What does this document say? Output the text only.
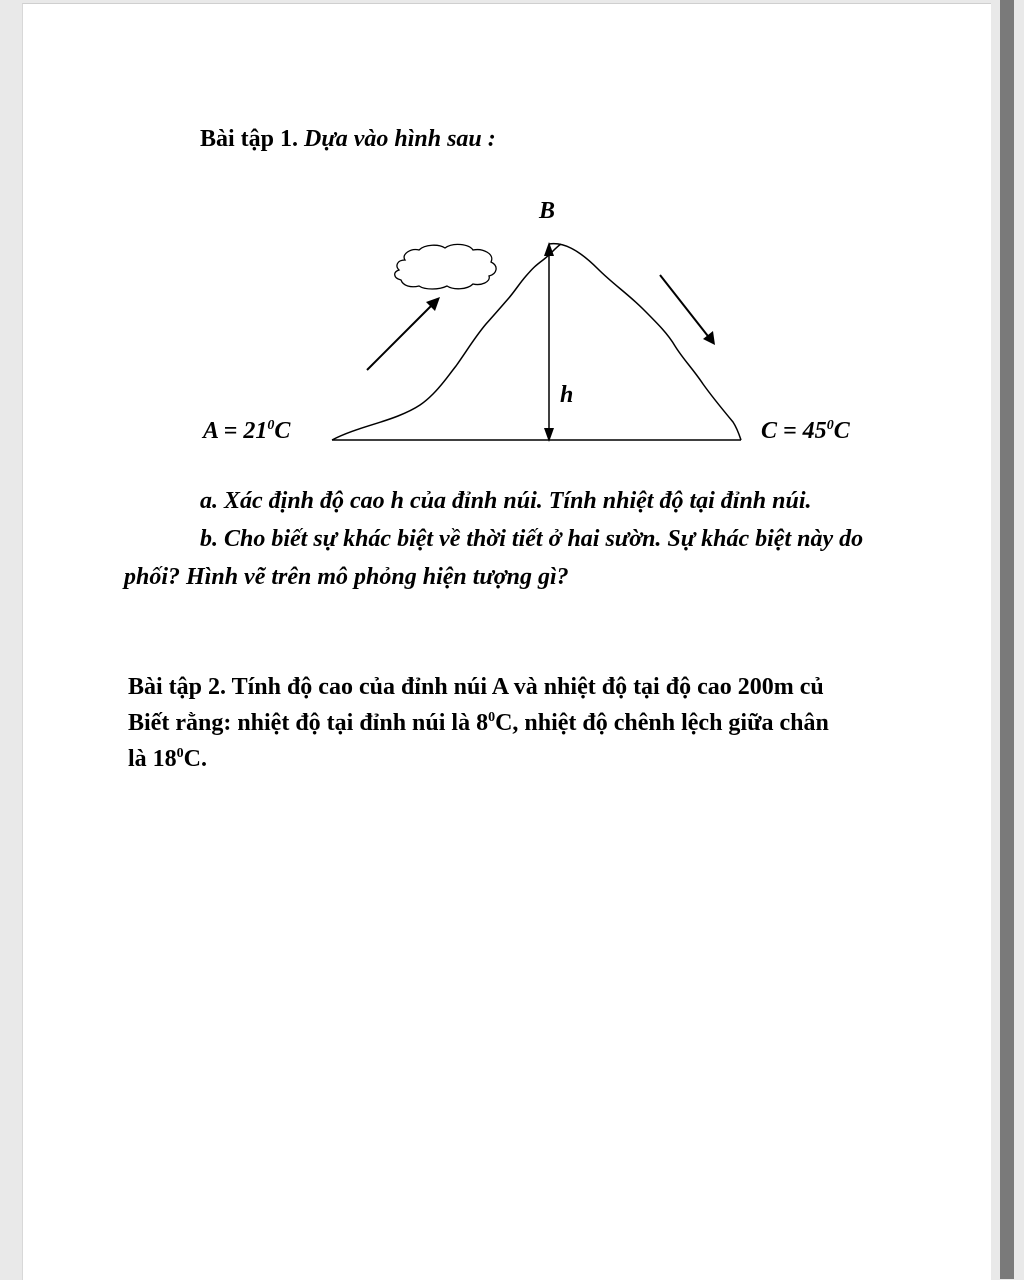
Bài tập 1. Dựa vào hình sau :
B
h
$A = 21^0C$	$C = 45^0C$
a. Xác định độ cao h của đỉnh núi. Tính nhiệt độ tại đỉnh núi.
b. Cho biết sự khác biệt về thời tiết ở hai sườn. Sự khác biệt này do
phối? Hình vẽ trên mô phỏng hiện tượng gì?
Bài tập 2. Tính độ cao của đỉnh núi A và nhiệt độ tại độ cao 200m củ
Biết rằng: nhiệt độ tại đỉnh núi là $8^0C$, nhiệt độ chênh lệch giữa chân
là $18^0C$.
